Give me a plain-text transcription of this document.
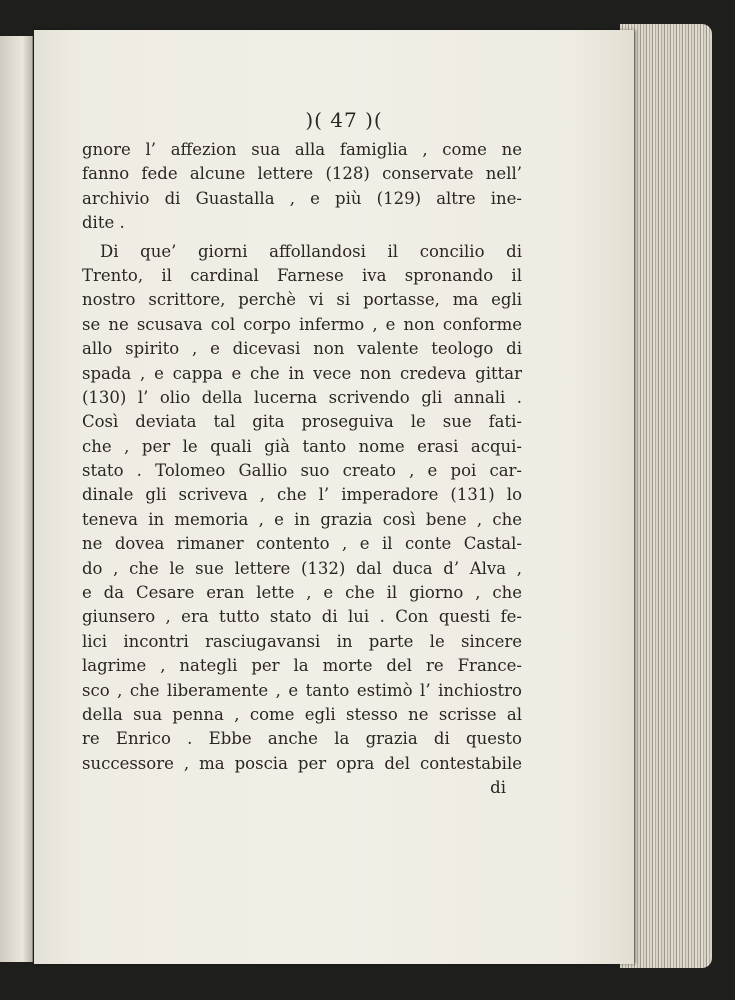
)( 47 )(
gnore l’ affezion sua alla famiglia , come ne
fanno fede alcune lettere (128) conservate nell’
archivio di Guastalla , e più (129) altre ine-
dite .
Di que’ giorni affollandosi il concilio di
Trento, il cardinal Farnese iva spronando il
nostro scrittore, perchè vi si portasse, ma egli
se ne scusava col corpo infermo , e non conforme
allo spirito , e dicevasi non valente teologo di
spada , e cappa e che in vece non credeva gittar
(130) l’ olio della lucerna scrivendo gli annali .
Così deviata tal gita proseguiva le sue fati-
che , per le quali già tanto nome erasi acqui-
stato . Tolomeo Gallio suo creato , e poi car-
dinale gli scriveva , che l’ imperadore (131) lo
teneva in memoria , e in grazia così bene , che
ne dovea rimaner contento , e il conte Castal-
do , che le sue lettere (132) dal duca d’ Alva ,
e da Cesare eran lette , e che il giorno , che
giunsero , era tutto stato di lui . Con questi fe-
lici incontri rasciugavansi in parte le sincere
lagrime , nategli per la morte del re France-
sco , che liberamente , e tanto estimò l’ inchiostro
della sua penna , come egli stesso ne scrisse al
re Enrico . Ebbe anche la grazia di questo
successore , ma poscia per opra del contestabile
di
